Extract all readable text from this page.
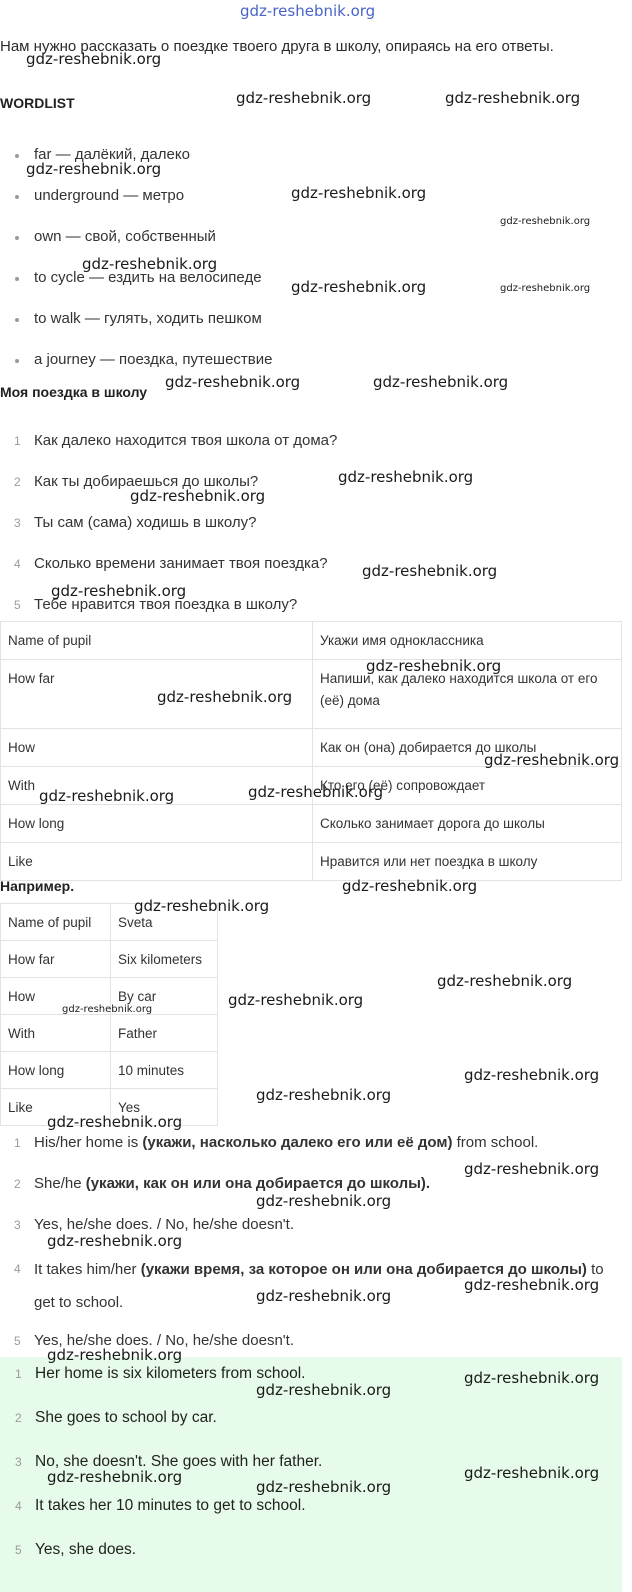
gdz-reshebnik.org
Нам нужно рассказать о поездке твоего друга в школу, опираясь на его ответы.
WORDLIST
far — далёкий, далеко
underground — метро
own — свой, собственный
to cycle — ездить на велосипеде
to walk — гулять, ходить пешком
a journey — поездка, путешествие
Моя поездка в школу
1 Как далеко находится твоя школа от дома?
2 Как ты добираешься до школы?
3 Ты сам (сама) ходишь в школу?
4 Сколько времени занимает твоя поездка?
5 Тебе нравится твоя поездка в школу?
Name of pupil	Укажи имя одноклассника
How far	Напиши, как далеко находится школа от его (её) дома
How	Как он (она) добирается до школы
With	Кто его (её) сопровождает
How long	Сколько занимает дорога до школы
Like	Нравится или нет поездка в школу
Например.
Name of pupil	Sveta
How far	Six kilometers
How	By car
With	Father
How long	10 minutes
Like	Yes
1 His/her home is (укажи, насколько далеко его или её дом) from school.
2 She/he (укажи, как он или она добирается до школы).
3 Yes, he/she does. / No, he/she doesn't.
4 It takes him/her (укажи время, за которое он или она добирается до школы) to get to school.
5 Yes, he/she does. / No, he/she doesn't.
1 Her home is six kilometers from school.
2 She goes to school by car.
3 No, she doesn't. She goes with her father.
4 It takes her 10 minutes to get to school.
5 Yes, she does.
gdz-reshebnik.org
gdz-reshebnik.org	gdz-reshebnik.org
gdz-reshebnik.org
gdz-reshebnik.org
gdz-reshebnik.org
gdz-reshebnik.org
gdz-reshebnik.org	gdz-reshebnik.org
gdz-reshebnik.org	gdz-reshebnik.org
gdz-reshebnik.org
gdz-reshebnik.org
gdz-reshebnik.org
gdz-reshebnik.org
gdz-reshebnik.org
gdz-reshebnik.org
gdz-reshebnik.org
gdz-reshebnik.org	gdz-reshebnik.org
gdz-reshebnik.org
gdz-reshebnik.org
gdz-reshebnik.org
gdz-reshebnik.org
gdz-reshebnik.org
gdz-reshebnik.org
gdz-reshebnik.org
gdz-reshebnik.org
gdz-reshebnik.org
gdz-reshebnik.org
gdz-reshebnik.org
gdz-reshebnik.org
gdz-reshebnik.org
gdz-reshebnik.org
gdz-reshebnik.org
gdz-reshebnik.org
gdz-reshebnik.org	gdz-reshebnik.org
gdz-reshebnik.org
